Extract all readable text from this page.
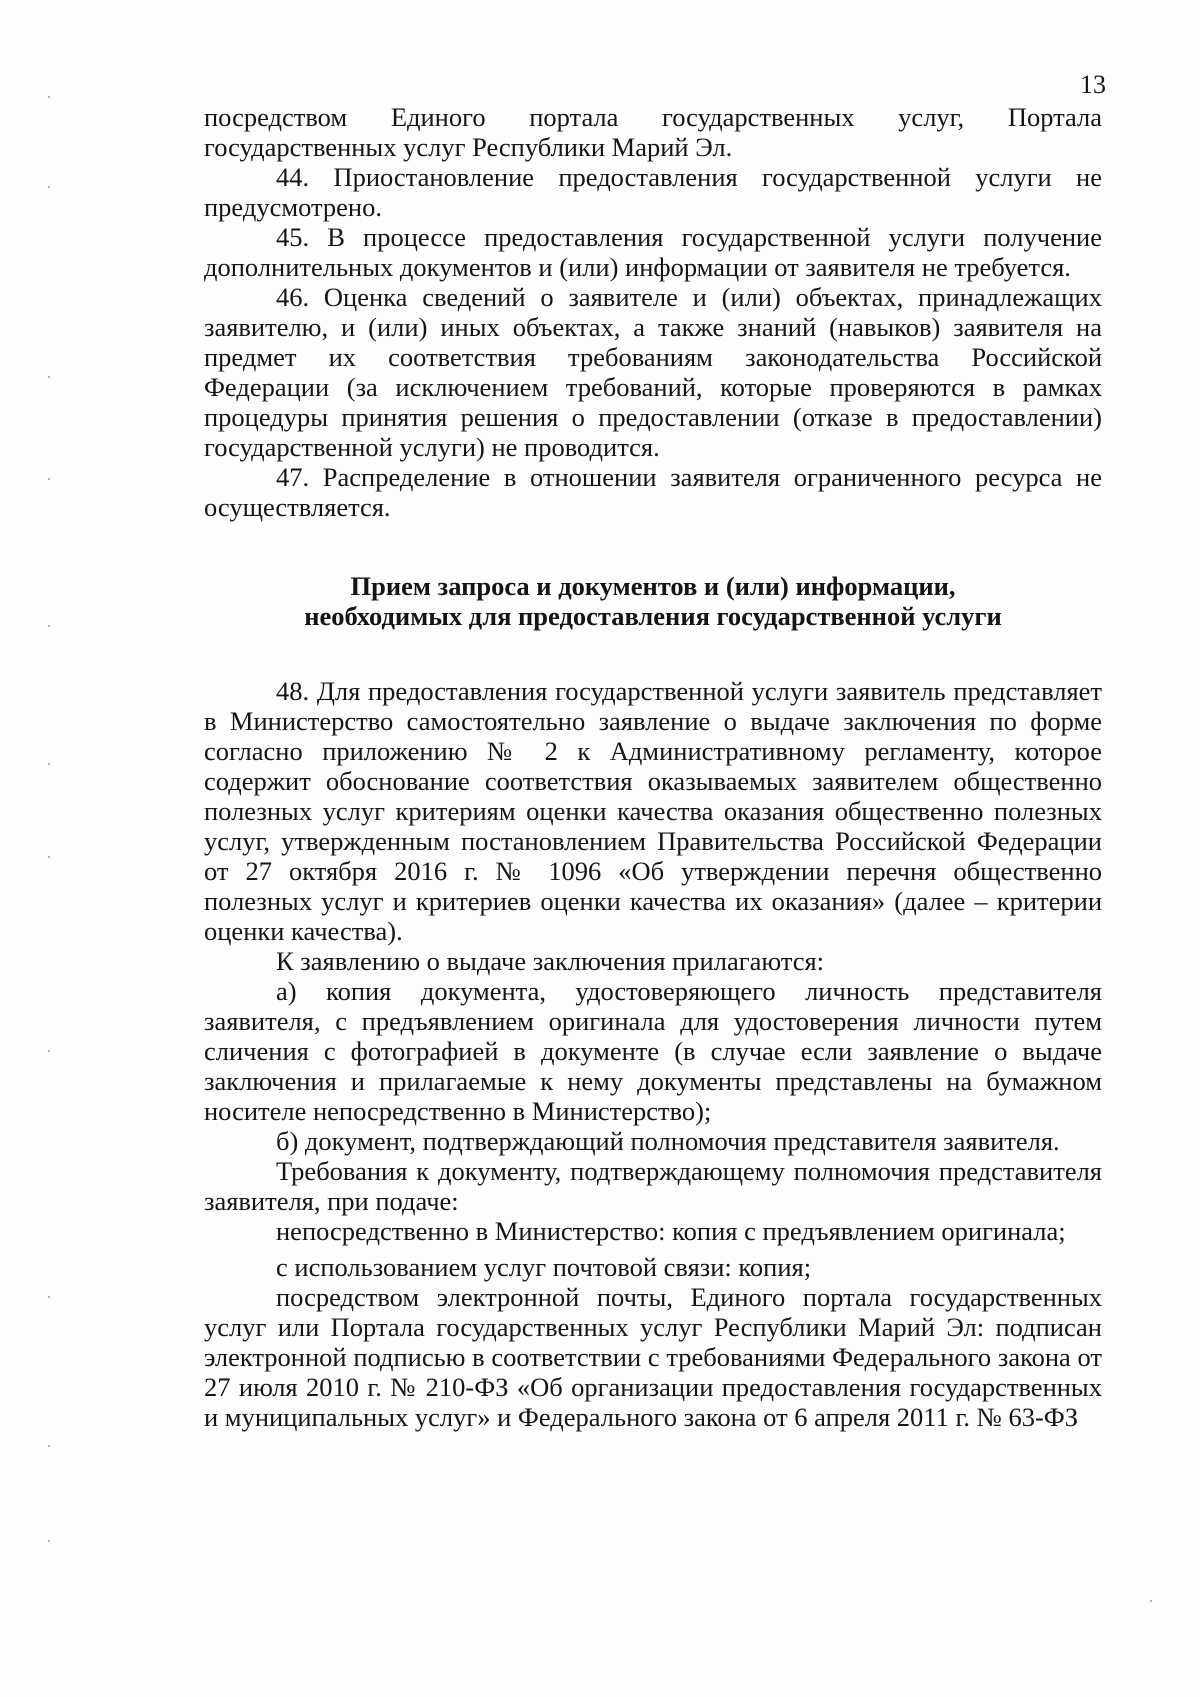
13

посредством Единого портала государственных услуг, Портала государственных услуг Республики Марий Эл.

44. Приостановление предоставления государственной услуги не предусмотрено.

45. В процессе предоставления государственной услуги получение дополнительных документов и (или) информации от заявителя не требуется.

46. Оценка сведений о заявителе и (или) объектах, принадлежащих заявителю, и (или) иных объектах, а также знаний (навыков) заявителя на предмет их соответствия требованиям законодательства Российской Федерации (за исключением требований, которые проверяются в рамках процедуры принятия решения о предоставлении (отказе в предоставлении) государственной услуги) не проводится.

47. Распределение в отношении заявителя ограниченного ресурса не осуществляется.

Прием запроса и документов и (или) информации,
необходимых для предоставления государственной услуги

48. Для предоставления государственной услуги заявитель представляет в Министерство самостоятельно заявление о выдаче заключения по форме согласно приложению № 2 к Административному регламенту, которое содержит обоснование соответствия оказываемых заявителем общественно полезных услуг критериям оценки качества оказания общественно полезных услуг, утвержденным постановлением Правительства Российской Федерации от 27 октября 2016 г. № 1096 «Об утверждении перечня общественно полезных услуг и критериев оценки качества их оказания» (далее – критерии оценки качества).

К заявлению о выдаче заключения прилагаются:

а) копия документа, удостоверяющего личность представителя заявителя, с предъявлением оригинала для удостоверения личности путем сличения с фотографией в документе (в случае если заявление о выдаче заключения и прилагаемые к нему документы представлены на бумажном носителе непосредственно в Министерство);

б) документ, подтверждающий полномочия представителя заявителя.

Требования к документу, подтверждающему полномочия представителя заявителя, при подаче:

непосредственно в Министерство: копия с предъявлением оригинала;

с использованием услуг почтовой связи: копия;

посредством электронной почты, Единого портала государственных услуг или Портала государственных услуг Республики Марий Эл: подписан электронной подписью в соответствии с требованиями Федерального закона от 27 июля 2010 г. № 210-ФЗ «Об организации предоставления государственных и муниципальных услуг» и Федерального закона от 6 апреля 2011 г. № 63-ФЗ
